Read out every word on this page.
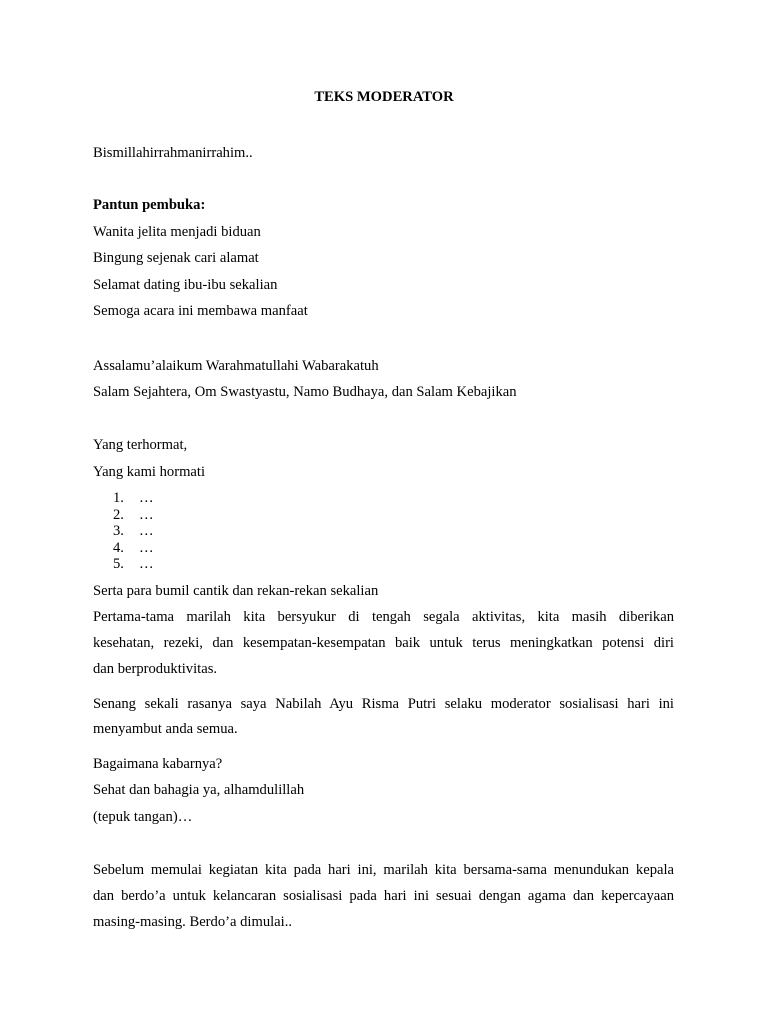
TEKS MODERATOR
Bismillahirrahmanirrahim..
Pantun pembuka:
Wanita jelita menjadi biduan
Bingung sejenak cari alamat
Selamat dating ibu-ibu sekalian
Semoga acara ini membawa manfaat
Assalamu’alaikum Warahmatullahi Wabarakatuh
Salam Sejahtera, Om Swastyastu, Namo Budhaya, dan Salam Kebajikan
Yang terhormat,
Yang kami hormati
1. …
2. …
3. …
4. …
5. …
Serta para bumil cantik dan rekan-rekan sekalian
Pertama-tama marilah kita bersyukur di tengah segala aktivitas, kita masih diberikan
kesehatan, rezeki, dan kesempatan-kesempatan baik untuk terus meningkatkan potensi diri
dan berproduktivitas.
Senang sekali rasanya saya Nabilah Ayu Risma Putri selaku moderator sosialisasi hari ini
menyambut anda semua.
Bagaimana kabarnya?
Sehat dan bahagia ya, alhamdulillah
(tepuk tangan)…
Sebelum memulai kegiatan kita pada hari ini, marilah kita bersama-sama menundukan kepala
dan berdo’a untuk kelancaran sosialisasi pada hari ini sesuai dengan agama dan kepercayaan
masing-masing. Berdo’a dimulai..
